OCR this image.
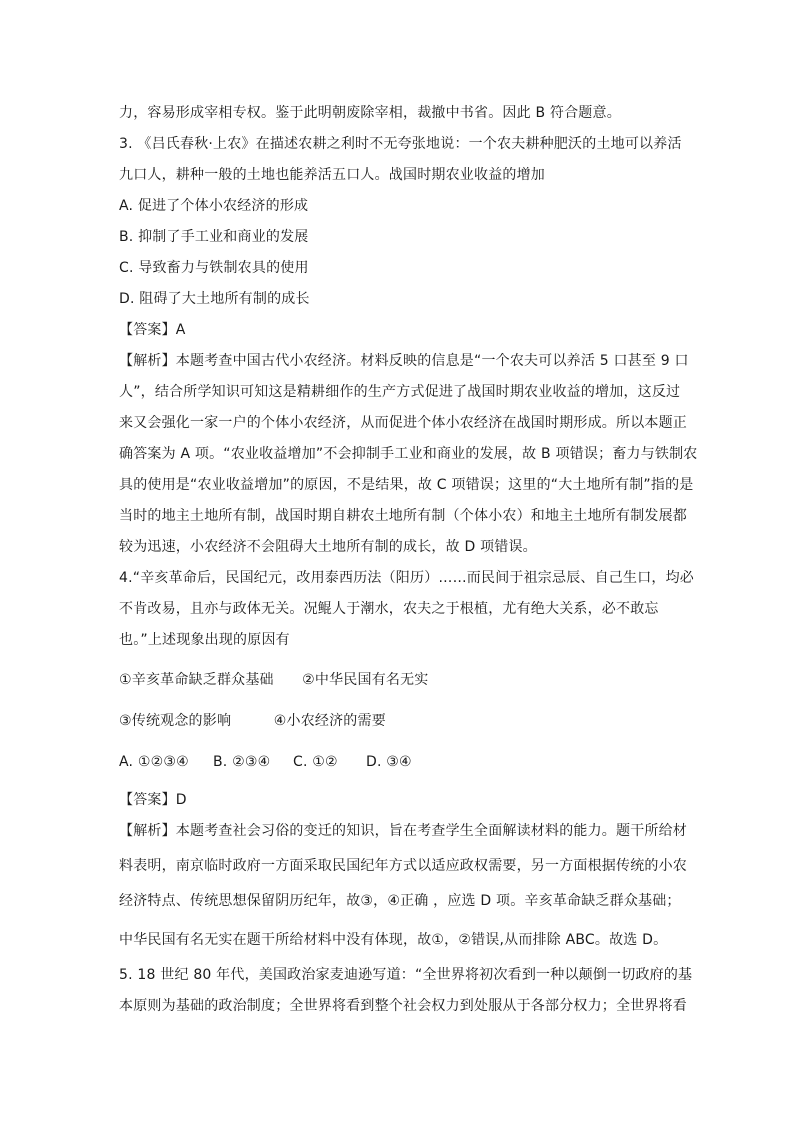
力，容易形成宰相专权。鉴于此明朝废除宰相，裁撤中书省。因此 B 符合题意。
3. 《吕氏春秋·上农》在描述农耕之利时不无夸张地说：一个农夫耕种肥沃的土地可以养活
九口人，耕种一般的土地也能养活五口人。战国时期农业收益的增加
A. 促进了个体小农经济的形成
B. 抑制了手工业和商业的发展
C. 导致畜力与铁制农具的使用
D. 阻碍了大土地所有制的成长
【答案】A
【解析】本题考查中国古代小农经济。材料反映的信息是“一个农夫可以养活 5 口甚至 9 口
人”，结合所学知识可知这是精耕细作的生产方式促进了战国时期农业收益的增加，这反过
来又会强化一家一户的个体小农经济，从而促进个体小农经济在战国时期形成。所以本题正
确答案为 A 项。“农业收益增加”不会抑制手工业和商业的发展，故 B 项错误；畜力与铁制农
具的使用是“农业收益增加”的原因，不是结果，故 C 项错误；这里的“大土地所有制”指的是
当时的地主土地所有制，战国时期自耕农土地所有制（个体小农）和地主土地所有制发展都
较为迅速，小农经济不会阻碍大土地所有制的成长，故 D 项错误。
4.“辛亥革命后，民国纪元，改用泰西历法（阳历）……而民间于祖宗忌辰、自己生口，均必
不肯改易，且亦与政体无关。况鲲人于潮水，农夫之于根植，尤有绝大关系，必不敢忘
也。”上述现象出现的原因有
①辛亥革命缺乏群众基础　　②中华民国有名无实
③传统观念的影响　　　④小农经济的需要
A. ①②③④ B. ②③④ C. ①② D. ③④
【答案】D
【解析】本题考查社会习俗的变迁的知识，旨在考查学生全面解读材料的能力。题干所给材
料表明，南京临时政府一方面采取民国纪年方式以适应政权需要，另一方面根据传统的小农
经济特点、传统思想保留阴历纪年，故③，④正确 ，应选 D 项。辛亥革命缺乏群众基础；
中华民国有名无实在题干所给材料中没有体现，故①，②错误,从而排除 ABC。故选 D。
5. 18 世纪 80 年代，美国政治家麦迪逊写道：“全世界将初次看到一种以颠倒一切政府的基
本原则为基础的政治制度；全世界将看到整个社会权力到处服从于各部分权力；全世界将看
